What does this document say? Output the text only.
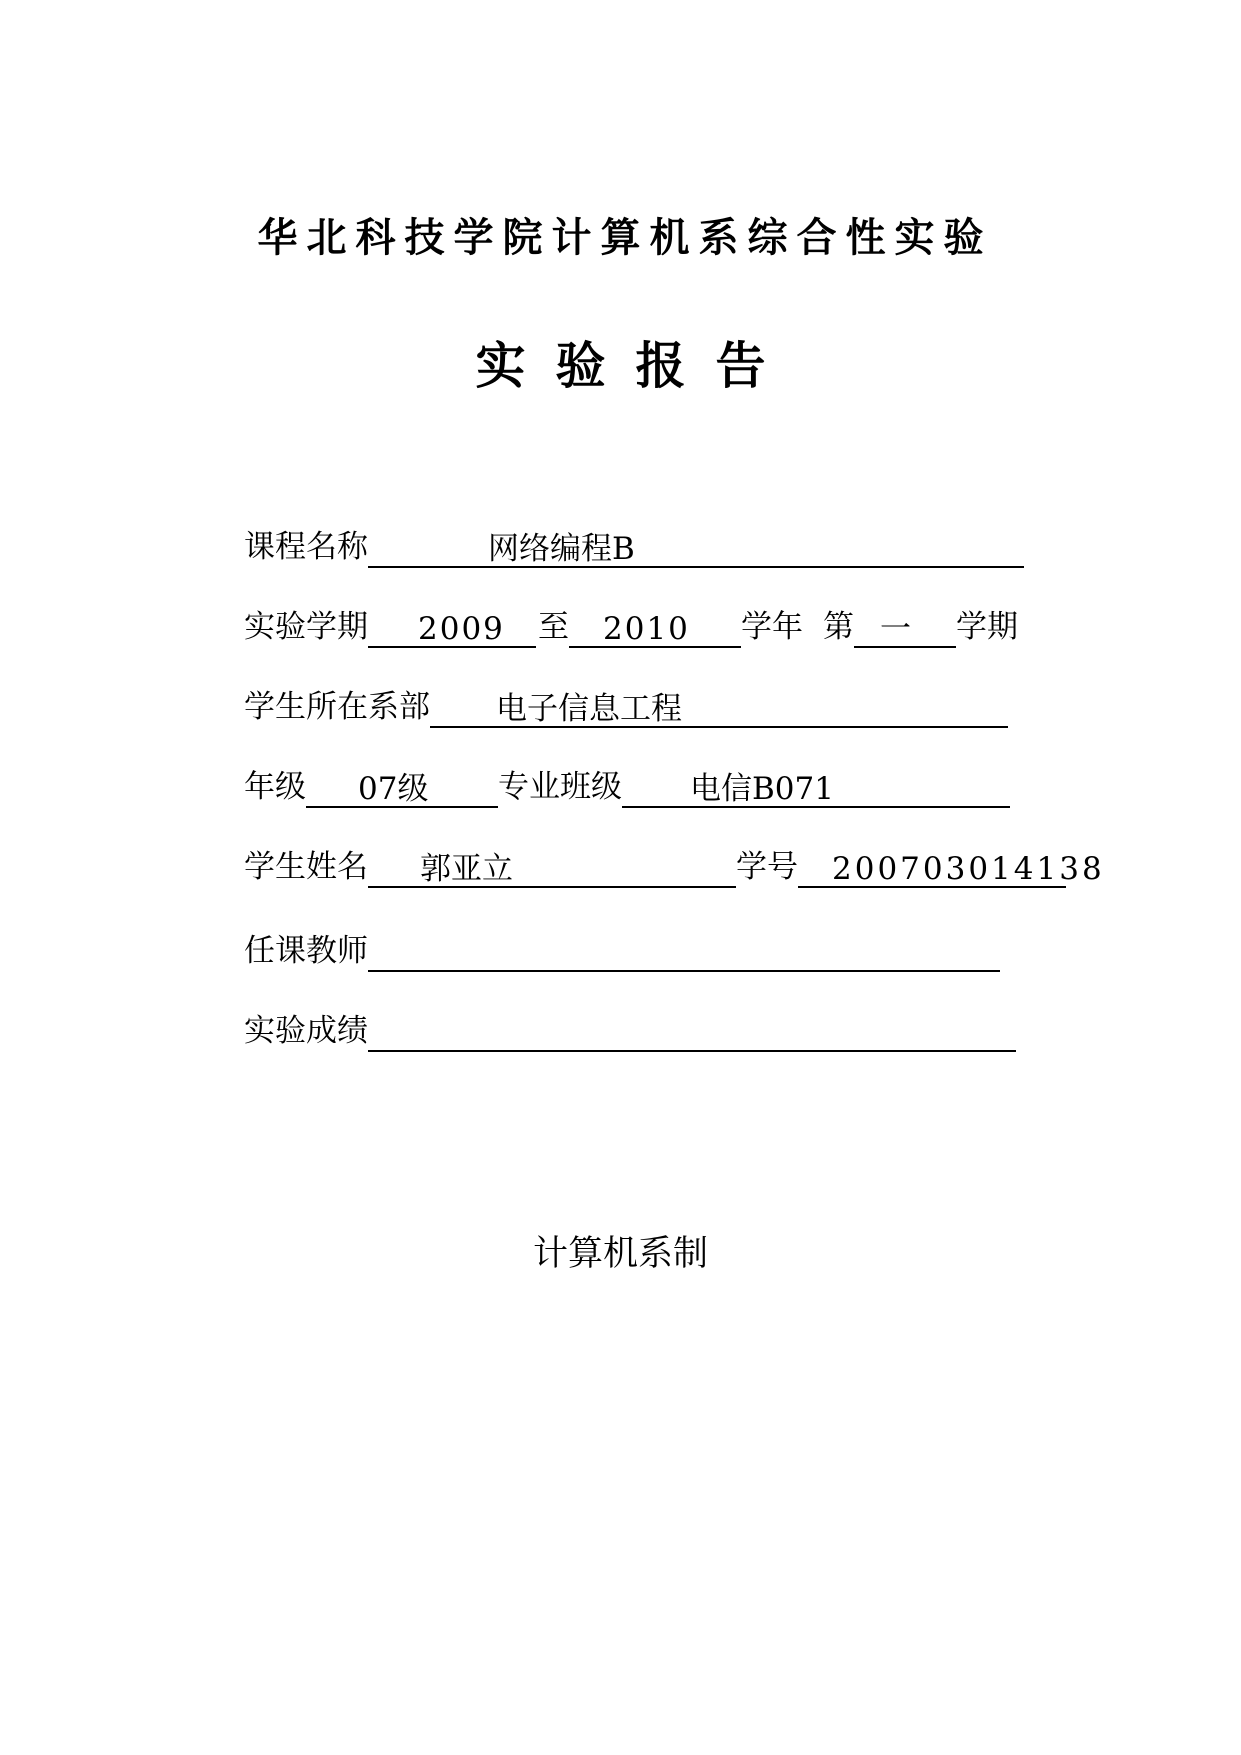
华北科技学院计算机系综合性实验
实验报告
课程名称	网络编程B
实验学期	2009	至	2010	学年 第 一	学期
学生所在系部	电子信息工程
年级	07级	专业班级	电信B071
学生姓名	郭亚立	学号	200703014138
任课教师
实验成绩
计算机系制
